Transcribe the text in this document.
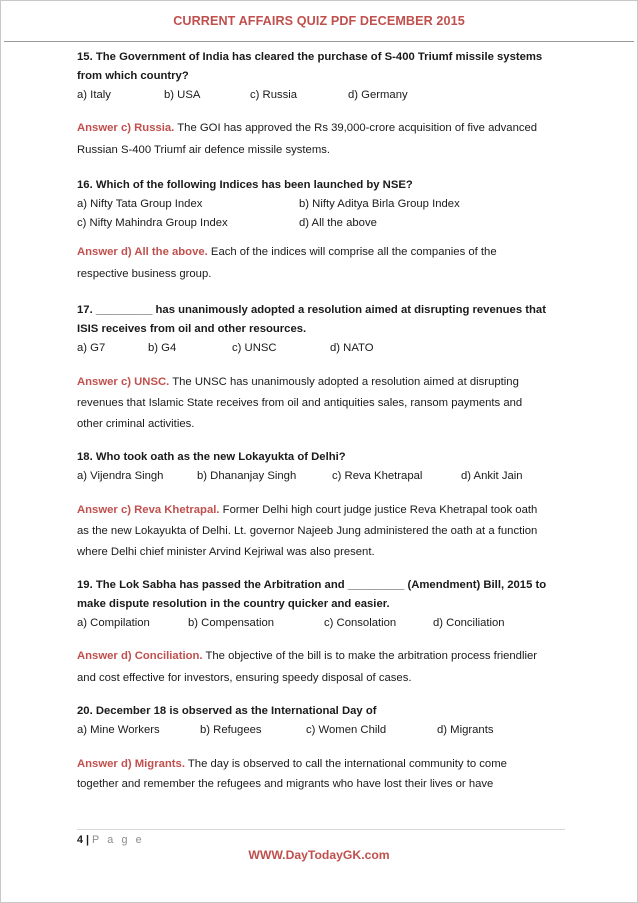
CURRENT AFFAIRS QUIZ PDF DECEMBER 2015
15. The Government of India has cleared the purchase of S-400 Triumf missile systems
from which country?
a) Italy	b) USA	c) Russia	d) Germany
Answer c) Russia. The GOI has approved the Rs 39,000-crore acquisition of five advanced
Russian S-400 Triumf air defence missile systems.
16. Which of the following Indices has been launched by NSE?
a) Nifty Tata Group Index	b) Nifty Aditya Birla Group Index
c) Nifty Mahindra Group Index	d) All the above
Answer d) All the above. Each of the indices will comprise all the companies of the
respective business group.
17. _________ has unanimously adopted a resolution aimed at disrupting revenues that
ISIS receives from oil and other resources.
a) G7	b) G4	c) UNSC	d) NATO
Answer c) UNSC. The UNSC has unanimously adopted a resolution aimed at disrupting
revenues that Islamic State receives from oil and antiquities sales, ransom payments and
other criminal activities.
18. Who took oath as the new Lokayukta of Delhi?
a) Vijendra Singh	b) Dhananjay Singh	c) Reva Khetrapal	d) Ankit Jain
Answer c) Reva Khetrapal. Former Delhi high court judge justice Reva Khetrapal took oath
as the new Lokayukta of Delhi. Lt. governor Najeeb Jung administered the oath at a function
where Delhi chief minister Arvind Kejriwal was also present.
19. The Lok Sabha has passed the Arbitration and _________ (Amendment) Bill, 2015 to
make dispute resolution in the country quicker and easier.
a) Compilation	b) Compensation	c) Consolation	d) Conciliation
Answer d) Conciliation. The objective of the bill is to make the arbitration process friendlier
and cost effective for investors, ensuring speedy disposal of cases.
20. December 18 is observed as the International Day of
a) Mine Workers	b) Refugees	c) Women Child	d) Migrants
Answer d) Migrants. The day is observed to call the international community to come
together and remember the refugees and migrants who have lost their lives or have
4 | P a g e
WWW.DayTodayGK.com
